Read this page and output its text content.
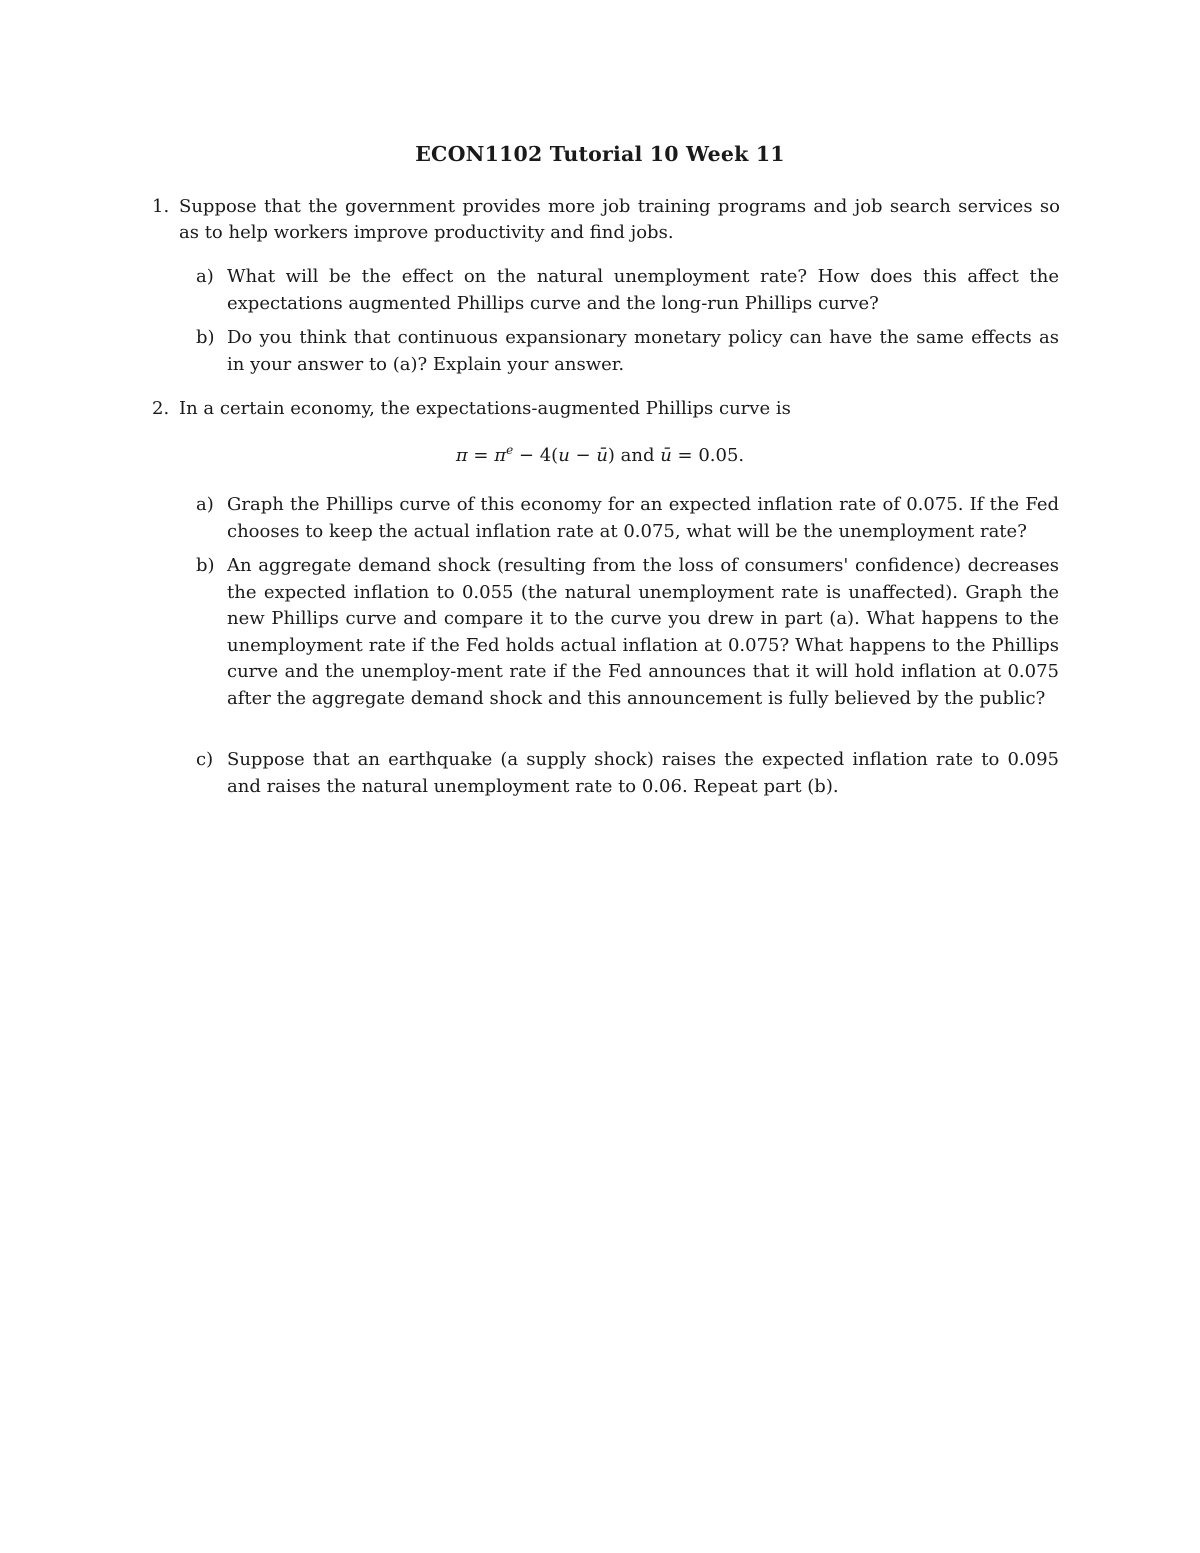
ECON1102 Tutorial 10 Week 11
1. Suppose that the government provides more job training programs and job search services so as to help workers improve productivity and find jobs.
a) What will be the effect on the natural unemployment rate? How does this affect the expectations augmented Phillips curve and the long-run Phillips curve?
b) Do you think that continuous expansionary monetary policy can have the same effects as in your answer to (a)? Explain your answer.
2. In a certain economy, the expectations-augmented Phillips curve is
$\pi = \pi^e - 4(u$ − ū) and ū = 0.05.
a) Graph the Phillips curve of this economy for an expected inflation rate of 0.075. If the Fed chooses to keep the actual inflation rate at 0.075, what will be the unemployment rate?
b) An aggregate demand shock (resulting from the loss of consumers' confidence) decreases the expected inflation to 0.055 (the natural unemployment rate is unaffected). Graph the new Phillips curve and compare it to the curve you drew in part (a). What happens to the unemployment rate if the Fed holds actual inflation at 0.075? What happens to the Phillips curve and the unemploy-ment rate if the Fed announces that it will hold inflation at 0.075 after the aggregate demand shock and this announcement is fully believed by the public?
c) Suppose that an earthquake (a supply shock) raises the expected inflation rate to 0.095 and raises the natural unemployment rate to 0.06. Repeat part (b).
